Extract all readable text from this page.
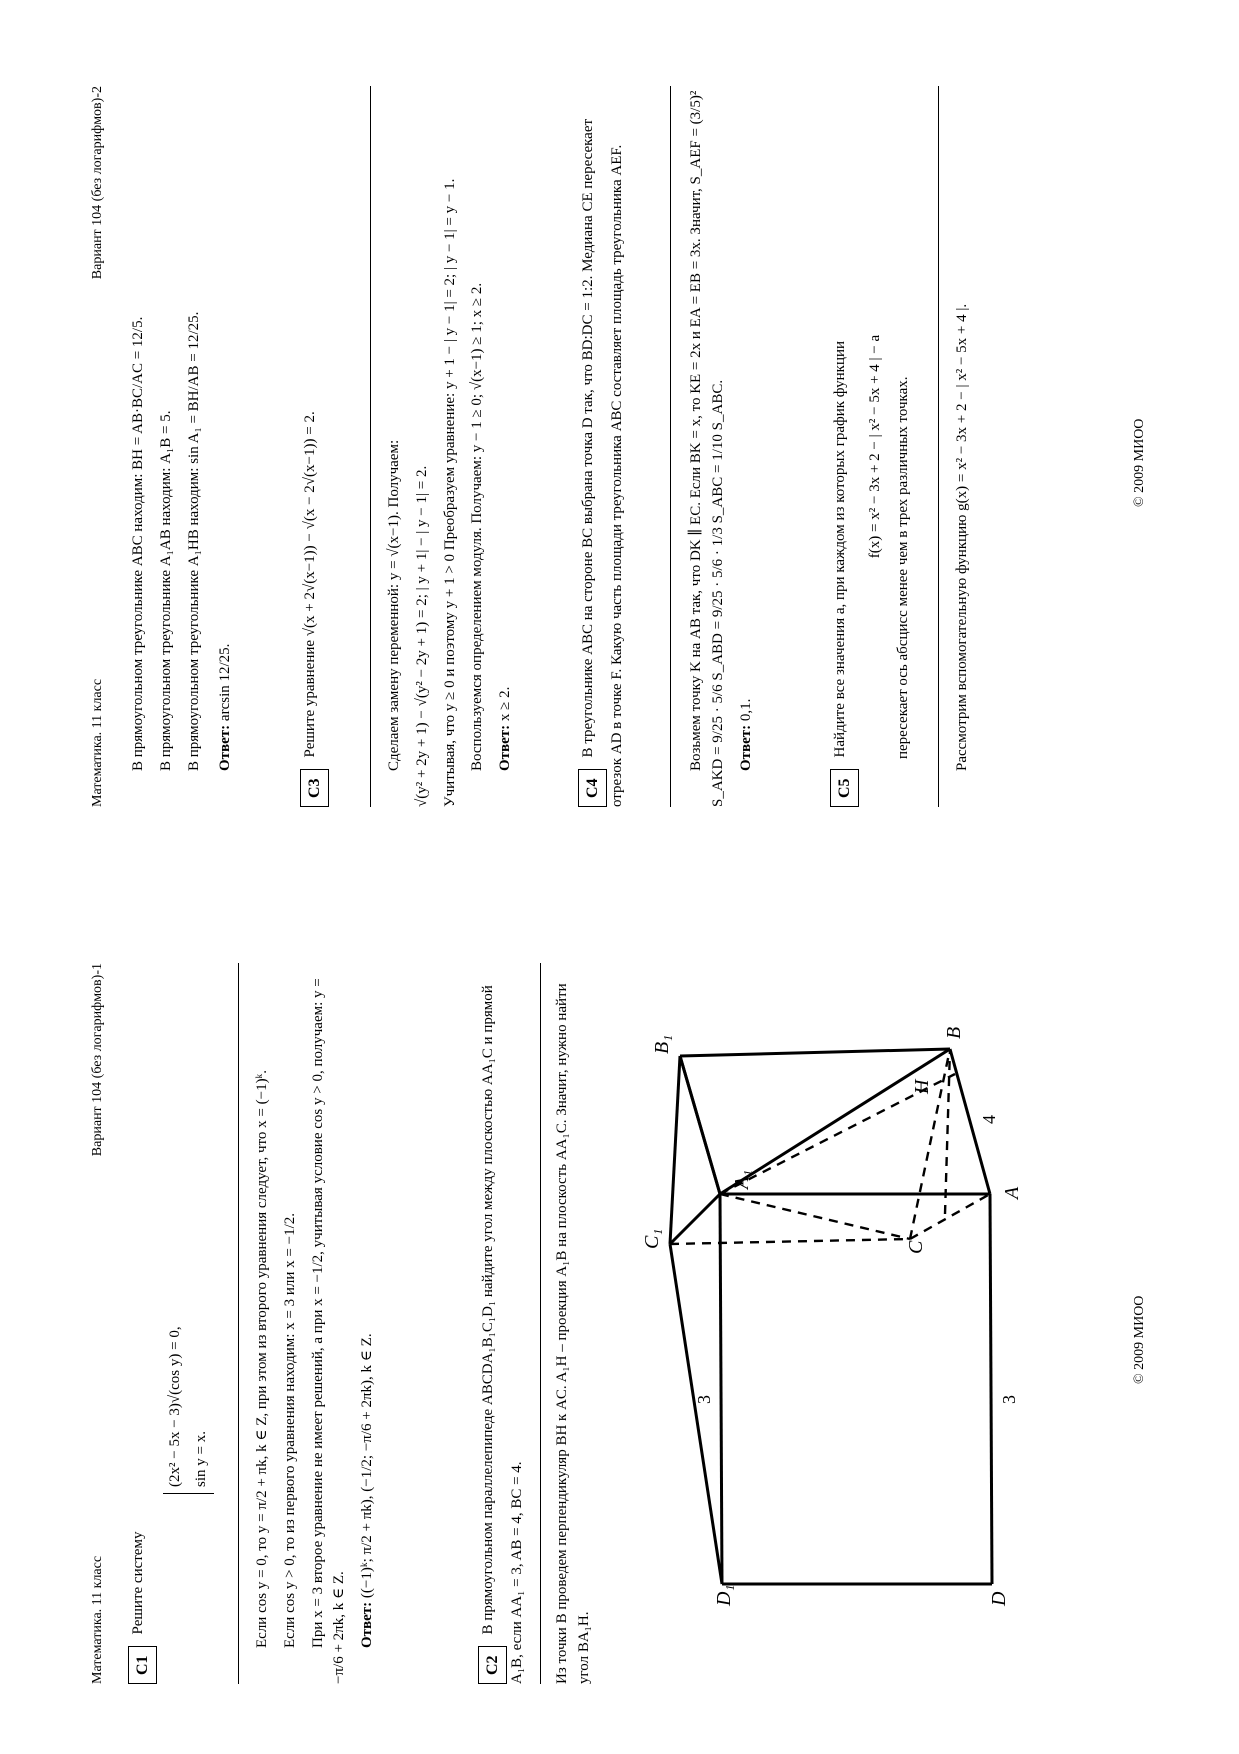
Математика. 11 класс
Вариант 104 (без логарифмов)-1

C1Решите систему

(2x² − 5x − 3)√(cos y) = 0, sin y = x.	Если cos y = 0, то y = π/2 + πk, k ∈ Z, при этом из второго уравнения следует, что x = (−1)ᵏ. Если cos y > 0, то из первого уравнения находим: x = 3 или x = −1/2. При x = 3 второе уравнение не имеет решений, а при x = −1/2, учитывая условие cos y > 0, получаем: y = −π/6 + 2πk, k ∈ Z. Ответ: ((−1)ᵏ; π/2 + πk), (−1/2; −π/6 + 2πk), k ∈ Z.

C2В прямоугольном параллелепипеде ABCDA₁B₁C₁D₁ найдите угол между плоскостью AA₁C и прямой A₁B, если AA₁ = 3, AB = 4, BC = 4. Из точки B проведем перпендикуляр BH к AC. A₁H – проекция A₁B на плоскость AA₁C. Значит, нужно найти угол BA₁H.

D₁	D
A
A₁
C₁
B₁
B
C
H
3	3
4
© 2009 МИОО
Математика. 11 класс
Вариант 104 (без логарифмов)-2

В прямоугольном треугольнике ABC находим: BH = AB·BC/AC = 12/5. В прямоугольном треугольнике A₁AB находим: A₁B = 5. В прямоугольном треугольнике A₁HB находим: sin A₁ = BH/AB = 12/25. Ответ: arcsin 12/25.

C3Решите уравнение √(x + 2√(x−1)) − √(x − 2√(x−1)) = 2.	Сделаем замену переменной: y = √(x−1). Получаем: √(y² + 2y + 1) − √(y² − 2y + 1) = 2; | y + 1| − | y − 1| = 2. Учитывая, что y ≥ 0 и поэтому y + 1 > 0 Преобразуем уравнение: y + 1 − | y − 1| = 2; | y − 1| = y − 1. Воспользуемся определением модуля. Получаем: y − 1 ≥ 0; √(x−1) ≥ 1; x ≥ 2. Ответ: x ≥ 2.

C4В треугольнике ABC на стороне BC выбрана точка D так, что BD:DC = 1:2. Медиана CE пересекает отрезок AD в точке F. Какую часть площади треугольника ABC составляет площадь треугольника AEF.	Возьмем точку K на AB так, что DK ∥ EC. Если BK = x, то KE = 2x и EA = EB = 3x. Значит, S_AEF = (3/5)² S_AKD = 9/25 · 5/6 S_ABD = 9/25 · 5/6 · 1/3 S_ABC = 1/10 S_ABC. Ответ: 0,1.

C5Найдите все значения a, при каждом из которых график функции	f(x) = x² − 3x + 2 − | x² − 5x + 4 | − a пересекает ось абсцисс менее чем в трех различных точках.	Рассмотрим вспомогательную функцию g(x) = x² − 3x + 2 − | x² − 5x + 4 |.	© 2009 МИОО
